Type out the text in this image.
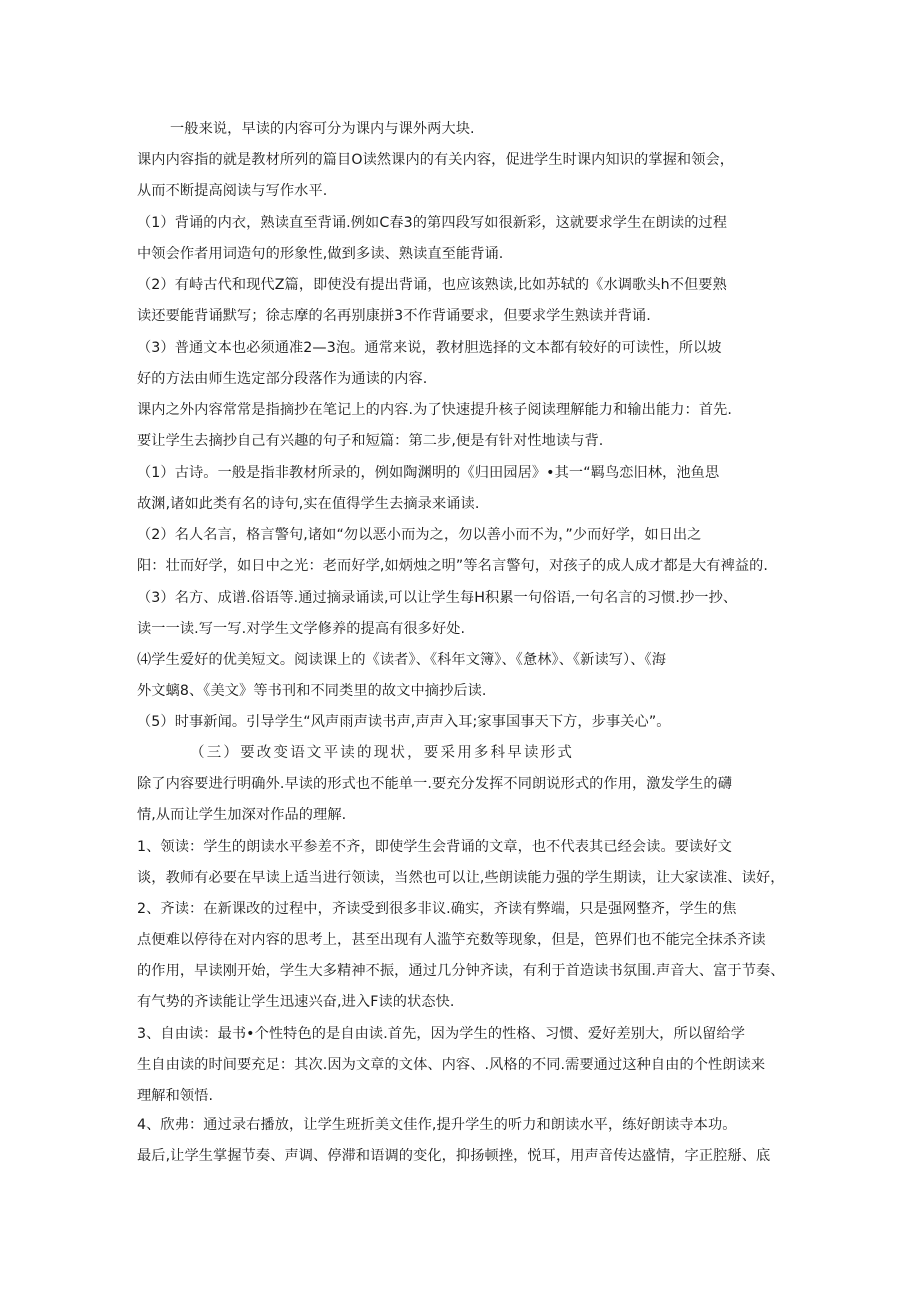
一般来说，早读的内容可分为课内与课外两大块.

课内内容指的就是教材所列的篇目O读然课内的有关内容，促进学生时课内知识的掌握和领会，
从而不断提高阅读与写作水平.

（1）背诵的内衣，熟读直至背诵.例如C春3的第四段写如很新彩，这就要求学生在朗读的过程
中领会作者用词造句的形象性,做到多读、熟读直至能背诵.

（2）有峙古代和现代Z篇，即使没有提出背诵，也应该熟读,比如苏轼的《水调歌头h不但要熟
读还要能背诵默写；徐志摩的名再别康拼3不作背诵要求，但要求学生熟读并背诵.

（3）普通文本也必须通准2—3泡。通常来说，教材胆选择的文本都有较好的可读性，所以坡
好的方法由师生选定部分段落作为通读的内容.

课内之外内容常常是指摘抄在笔记上的内容.为了快速提升核子阅读理解能力和输出能力：首先.
要让学生去摘抄自己有兴趣的句子和短篇：第二步,便是有针对性地读与背.

（1）古诗。一般是指非教材所录的，例如陶渊明的《归田园居》•其一“羁鸟恋旧林，池鱼思
故渊,诸如此类有名的诗句,实在值得学生去摘录来诵读.

（2）名人名言，格言警句,诸如“勿以恶小而为之，勿以善小而不为，”少而好学，如日出之
阳：壮而好学，如日中之光：老而好学,如炳烛之明”等名言警句，对孩子的成人成才都是大有裨益的.

（3）名方、成谱.俗语等.通过摘录诵读,可以让学生每H积累一句俗语,一句名言的习惯.抄一抄、
读一一读.写一写.对学生文学修养的提高有很多好处.

⑷学生爱好的优美短文。阅读课上的《读者》、《科年文簿》、《惫林》、《新读写）、《海
外文螭8、《美文》等书刊和不同类里的故文中摘抄后读.

（5）时事新闻。引导学生“风声雨声读书声,声声入耳;家事国事天下方，步事关心”。

（三）要改变语文平读的现状，要采用多科早读形式

除了内容要进行明确外.早读的形式也不能单一.要充分发挥不同朗说形式的作用，激发学生的礴
情,从而让学生加深对作品的理解.

1、领读：学生的朗读水平参差不齐，即使学生会背诵的文章，也不代表其已经会读。要读好文
谈，教师有必要在早读上适当进行领读，当然也可以让,些朗读能力强的学生期读，让大家读准、读好，

2、齐读：在新课改的过程中，齐读受到很多非议.确实，齐读有弊端，只是强网整齐，学生的焦
点便难以停待在对内容的思考上，甚至出现有人滥竽充数等现象，但是，笆界们也不能完全抹杀齐读
的作用，早读刚开始，学生大多精神不振，通过几分钟齐读，有利于首造读书氛围.声音大、富于节奏、
有气势的齐读能让学生迅速兴奋,进入F读的状态快.

3、自由读：最书•个性特色的是自由读.首先，因为学生的性格、习惯、爱好差别大，所以留给学
生自由读的时间要充足：其次.因为文章的文体、内容、.风格的不同.需要通过这种自由的个性朗读来
理解和领悟.

4、欣弗：通过录右播放，让学生班折美文佳作,提升学生的听力和朗读水平，练好朗读寺本功。
最后,让学生掌握节奏、声调、停滞和语调的变化，抑扬顿挫，悦耳，用声音传达盛情，字正腔掰、底
